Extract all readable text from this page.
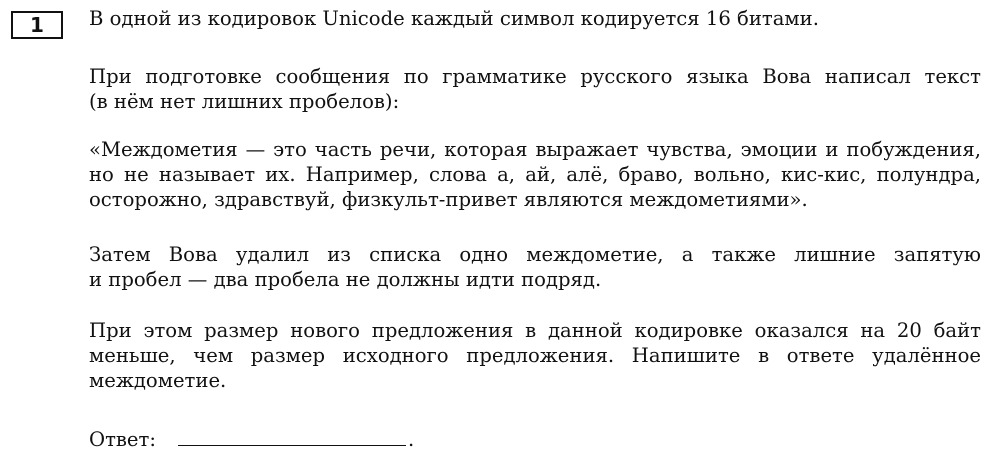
1	В одной из кодировок Unicode каждый символ кодируется 16 битами.

При подготовке сообщения по грамматике русского языка Вова написал текст
(в нём нет лишних пробелов):

«Междометия — это часть речи, которая выражает чувства, эмоции и побуждения,
но не называет их. Например, слова а, ай, алё, браво, вольно, кис-кис, полундра,
осторожно, здравствуй, физкульт-привет являются междометиями».

Затем Вова удалил из списка одно междометие, а также лишние запятую
и пробел — два пробела не должны идти подряд.

При этом размер нового предложения в данной кодировке оказался на 20 байт
меньше, чем размер исходного предложения. Напишите в ответе удалённое
междометие.

Ответ:	.
